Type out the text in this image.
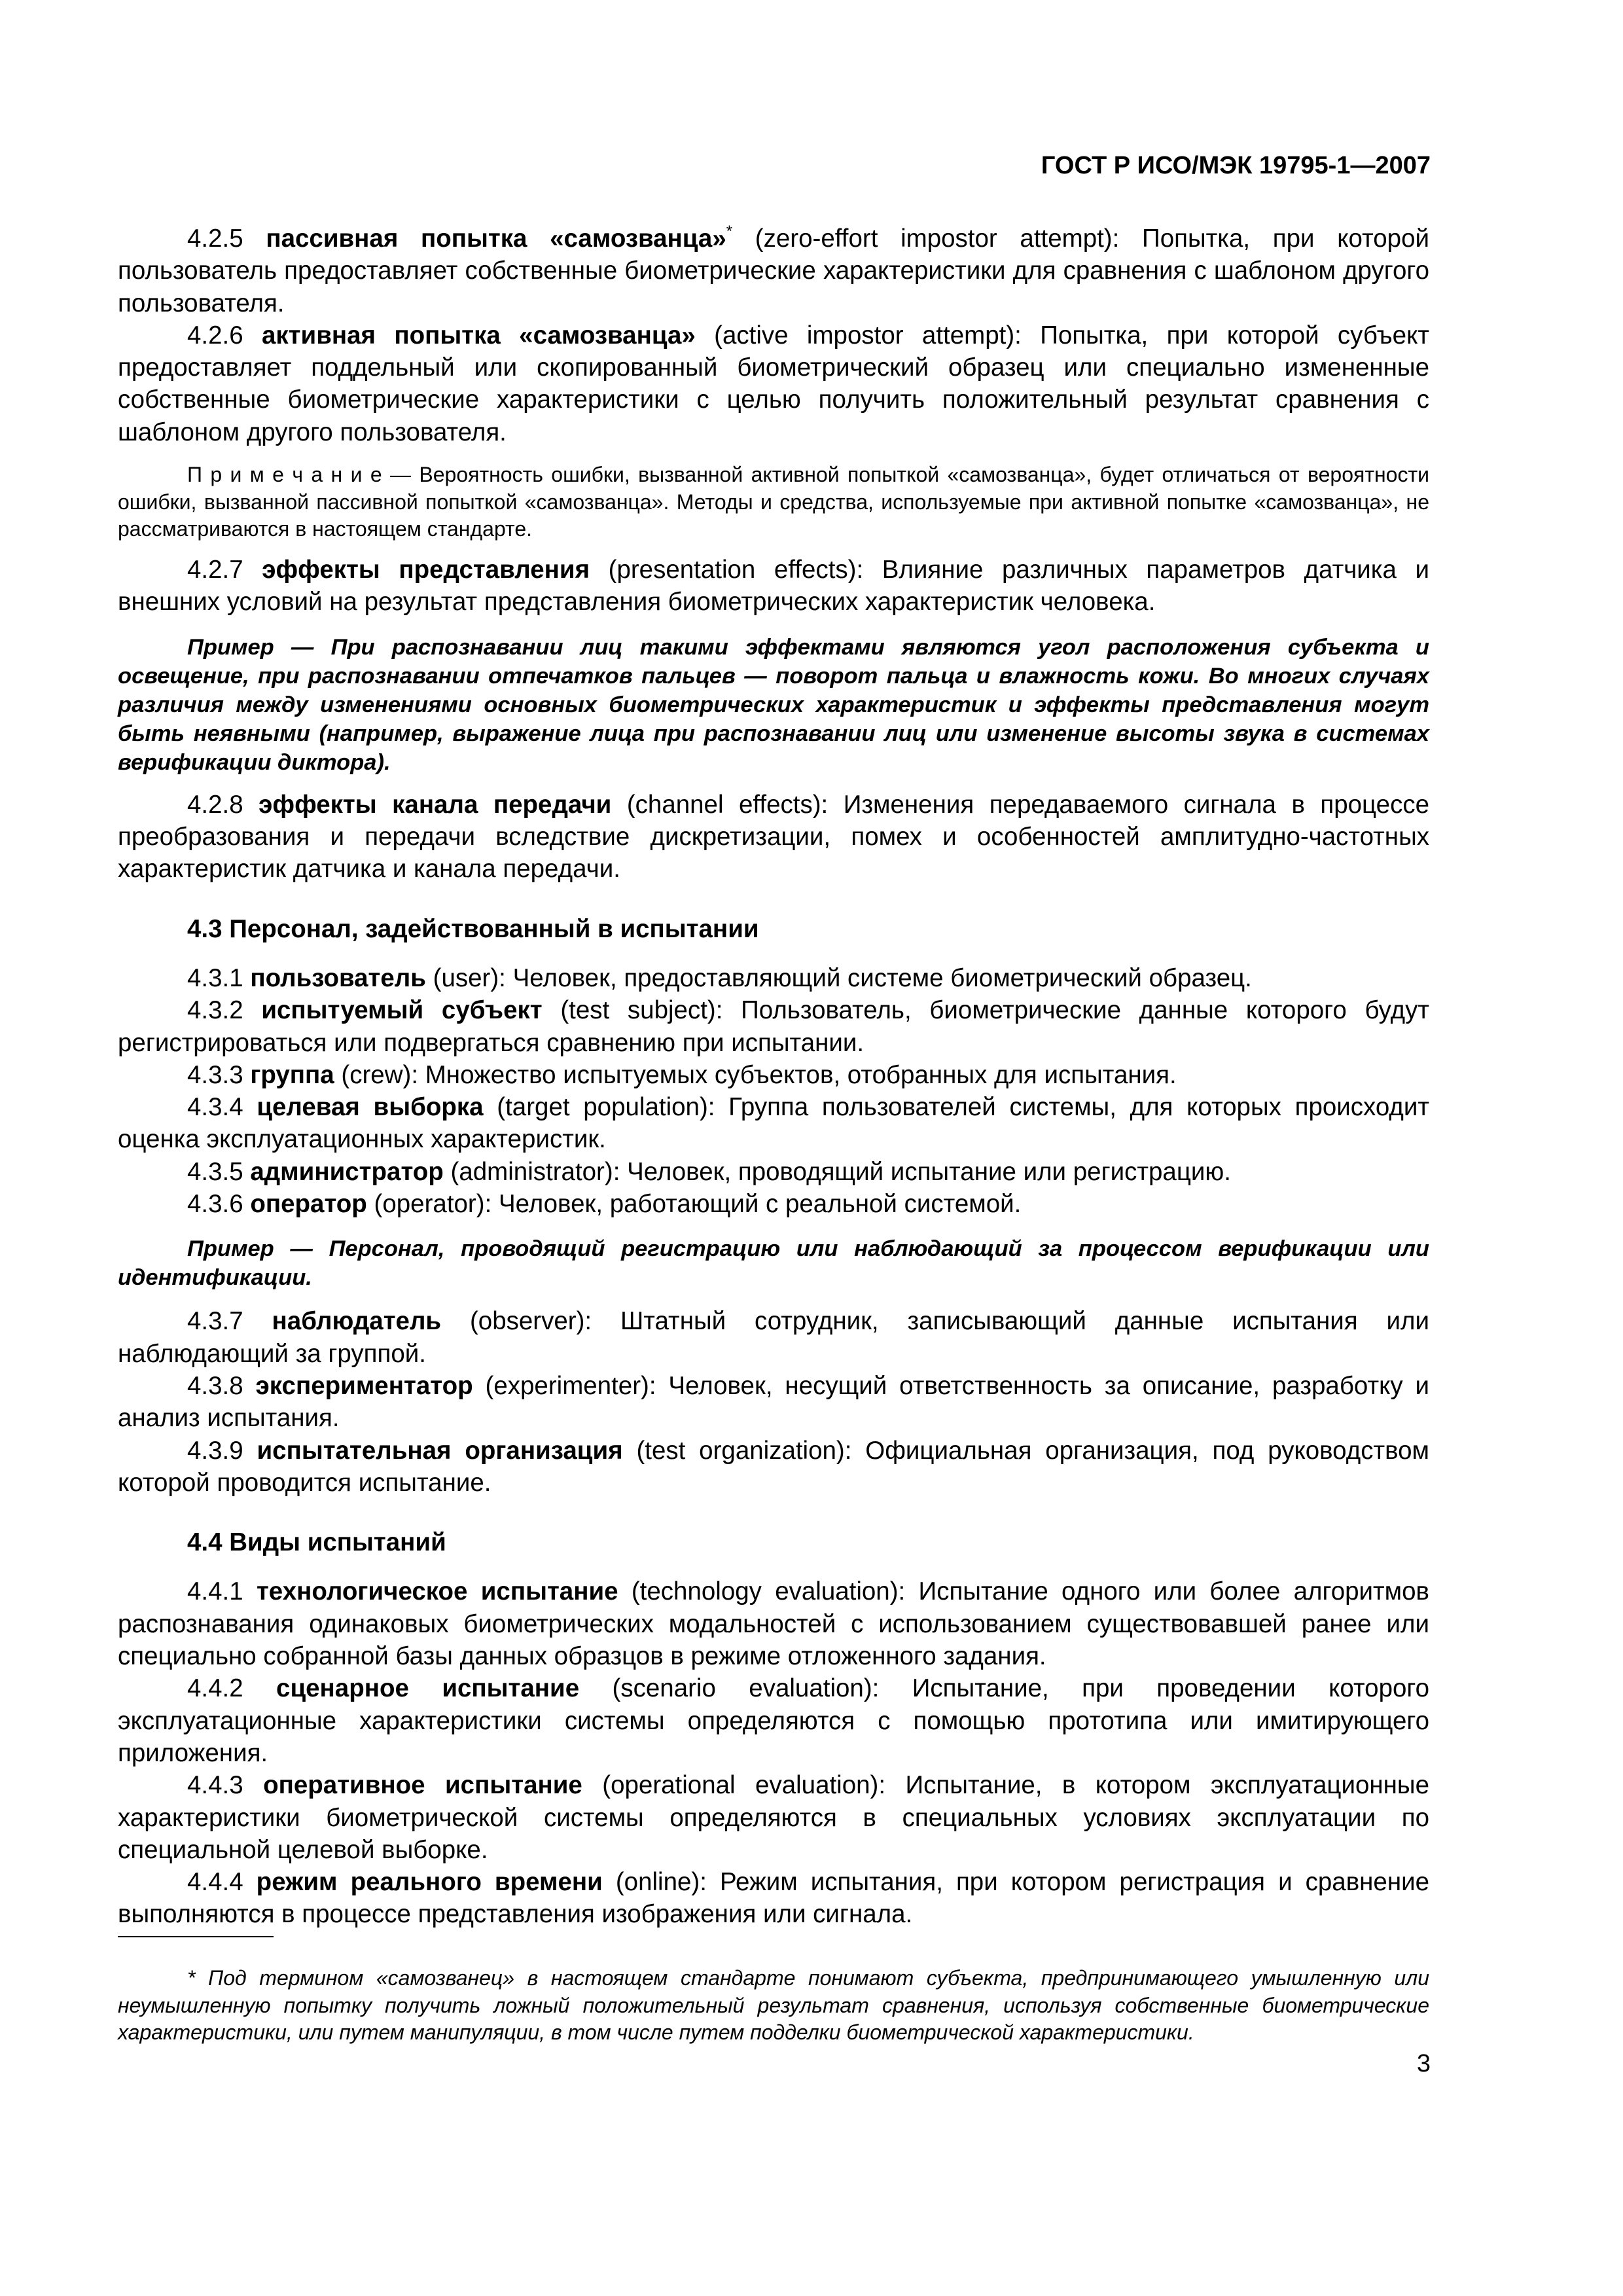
ГОСТ Р ИСО/МЭК 19795-1—2007

4.2.5 пассивная попытка «самозванца»* (zero-effort impostor attempt): Попытка, при которой пользователь предоставляет собственные биометрические характеристики для сравнения с шаблоном другого пользователя.

4.2.6 активная попытка «самозванца» (active impostor attempt): Попытка, при которой субъект предоставляет поддельный или скопированный биометрический образец или специально измененные собственные биометрические характеристики с целью получить положительный результат сравнения с шаблоном другого пользователя.

П р и м е ч а н и е — Вероятность ошибки, вызванной активной попыткой «самозванца», будет отличаться от вероятности ошибки, вызванной пассивной попыткой «самозванца». Методы и средства, используемые при активной попытке «самозванца», не рассматриваются в настоящем стандарте.

4.2.7 эффекты представления (presentation effects): Влияние различных параметров датчика и внешних условий на результат представления биометрических характеристик человека.

Пример — При распознавании лиц такими эффектами являются угол расположения субъекта и освещение, при распознавании отпечатков пальцев — поворот пальца и влажность кожи. Во многих случаях различия между изменениями основных биометрических характеристик и эффекты представления могут быть неявными (например, выражение лица при распознавании лиц или изменение высоты звука в системах верификации диктора).

4.2.8 эффекты канала передачи (channel effects): Изменения передаваемого сигнала в процессе преобразования и передачи вследствие дискретизации, помех и особенностей амплитудно-частотных характеристик датчика и канала передачи.

4.3 Персонал, задействованный в испытании

4.3.1 пользователь (user): Человек, предоставляющий системе биометрический образец.

4.3.2 испытуемый субъект (test subject): Пользователь, биометрические данные которого будут регистрироваться или подвергаться сравнению при испытании.

4.3.3 группа (crew): Множество испытуемых субъектов, отобранных для испытания.

4.3.4 целевая выборка (target population): Группа пользователей системы, для которых происходит оценка эксплуатационных характеристик.

4.3.5 администратор (administrator): Человек, проводящий испытание или регистрацию.

4.3.6 оператор (operator): Человек, работающий с реальной системой.

Пример — Персонал, проводящий регистрацию или наблюдающий за процессом верификации или идентификации.

4.3.7 наблюдатель (observer): Штатный сотрудник, записывающий данные испытания или наблюдающий за группой.

4.3.8 экспериментатор (experimenter): Человек, несущий ответственность за описание, разработку и анализ испытания.

4.3.9 испытательная организация (test organization): Официальная организация, под руководством которой проводится испытание.

4.4 Виды испытаний

4.4.1 технологическое испытание (technology evaluation): Испытание одного или более алгоритмов распознавания одинаковых биометрических модальностей с использованием существовавшей ранее или специально собранной базы данных образцов в режиме отложенного задания.

4.4.2 сценарное испытание (scenario evaluation): Испытание, при проведении которого эксплуатационные характеристики системы определяются с помощью прототипа или имитирующего приложения.

4.4.3 оперативное испытание (operational evaluation): Испытание, в котором эксплуатационные характеристики биометрической системы определяются в специальных условиях эксплуатации по специальной целевой выборке.

4.4.4 режим реального времени (online): Режим испытания, при котором регистрация и сравнение выполняются в процессе представления изображения или сигнала.

* Под термином «самозванец» в настоящем стандарте понимают субъекта, предпринимающего умышленную или неумышленную попытку получить ложный положительный результат сравнения, используя собственные биометрические характеристики, или путем манипуляции, в том числе путем подделки биометрической характеристики.

3
